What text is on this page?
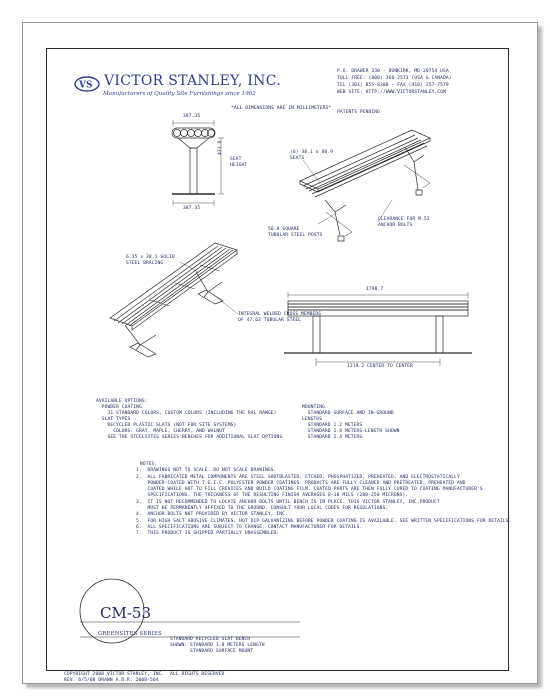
VS VICTOR STANLEY, INC.
Manufacturers of Quality Site Furnishings since 1962
P.O. DRAWER 330 - DUNKIRK, MD 20754 USA
TOLL FREE: (800) 368-2573 (USA & CANADA)
TEL (301) 855-8300 - FAX (410) 257-7579
WEB SITE: HTTP://WWW.VICTORSTANLEY.COM
*ALL DIMENSIONS ARE IN MILLIMETERS*
PATENTS PENDING
387.35
387.35
431.8
SEAT
HEIGHT
(6) 38.1 x 88.9
SEATS
50.8 SQUARE
TUBULAR STEEL POSTS
CLEARANCE FOR M.53
ANCHOR BOLTS
6.35 x 38.1 SOLID
STEEL BRACING
INTEGRAL WELDED CROSS MEMBERS
OF 47.63 TUBULAR STEEL
1790.7
1219.2 CENTER TO CENTER
AVAILABLE OPTIONS:
POWDER COATING
31 STANDARD COLORS, CUSTOM COLORS (INCLUDING THE RAL RANGE)
SLAT TYPES
RECYCLED PLASTIC SLATS (NOT FOR SITE SYSTEMS)
COLORS: GRAY, MAPLE, CHERRY, AND WALNUT
SEE THE STEELSITES SERIES BENCHES FOR ADDITIONAL SLAT OPTIONS
MOUNTING
STANDARD SURFACE AND IN-GROUND
LENGTHS
STANDARD 1.2 METERS
STANDARD 1.8 METERS-LENGTH SHOWN
STANDARD 2.4 METERS
NOTES:
1.  DRAWINGS NOT TO SCALE. DO NOT SCALE DRAWINGS.
2.  ALL FABRICATED METAL COMPONENTS ARE STEEL SHOTBLASTED, ETCHED, PHOSPHATIZED, PREHEATED, AND ELECTROSTATICALLY
POWDER-COATED WITH T.G.I.C. POLYESTER POWDER COATINGS. PRODUCTS ARE FULLY CLEANED AND PRETREATED, PREHEATED AND
COATED WHILE HOT TO FILL CREVICES AND BUILD COATING FILM. COATED PARTS ARE THEN FULLY CURED TO COATING MANUFACTURER'S
SPECIFICATIONS. THE THICKNESS OF THE RESULTING FINISH AVERAGES 8-10 MILS (200-250 MICRONS).
3.  IT IS NOT RECOMMENDED TO LOCATE ANCHOR BOLTS UNTIL BENCH IS IN PLACE. THIS VICTOR STANLEY, INC.PRODUCT
MUST BE PERMANENTLY AFFIXED TO THE GROUND. CONSULT YOUR LOCAL CODES FOR REGULATIONS.
4.  ANCHOR BOLTS NOT PROVIDED BY VICTOR STANLEY, INC.
5.  FOR HIGH SALT ABUSIVE CLIMATES, HOT DIP GALVANIZING BEFORE POWDER COATING IS AVAILABLE. SEE WRITTEN SPECIFICATIONS FOR DETAILS.
6.  ALL SPECIFICATIONS ARE SUBJECT TO CHANGE. CONTACT MANUFACTURER FOR DETAILS.
7.  THIS PRODUCT IS SHIPPED PARTIALLY UNASSEMBLED.
CM-53
GREENSITES SERIES
STANDARD RECYCLED SLAT BENCH
SHOWN: STANDARD 1.8 METERS LENGTH
STANDARD SURFACE MOUNT
COPYRIGHT 2008 VICTOR STANLEY, INC.  ALL RIGHTS RESERVED
REV. 6/5/08 DRAWN A.D.R. 2008-504
